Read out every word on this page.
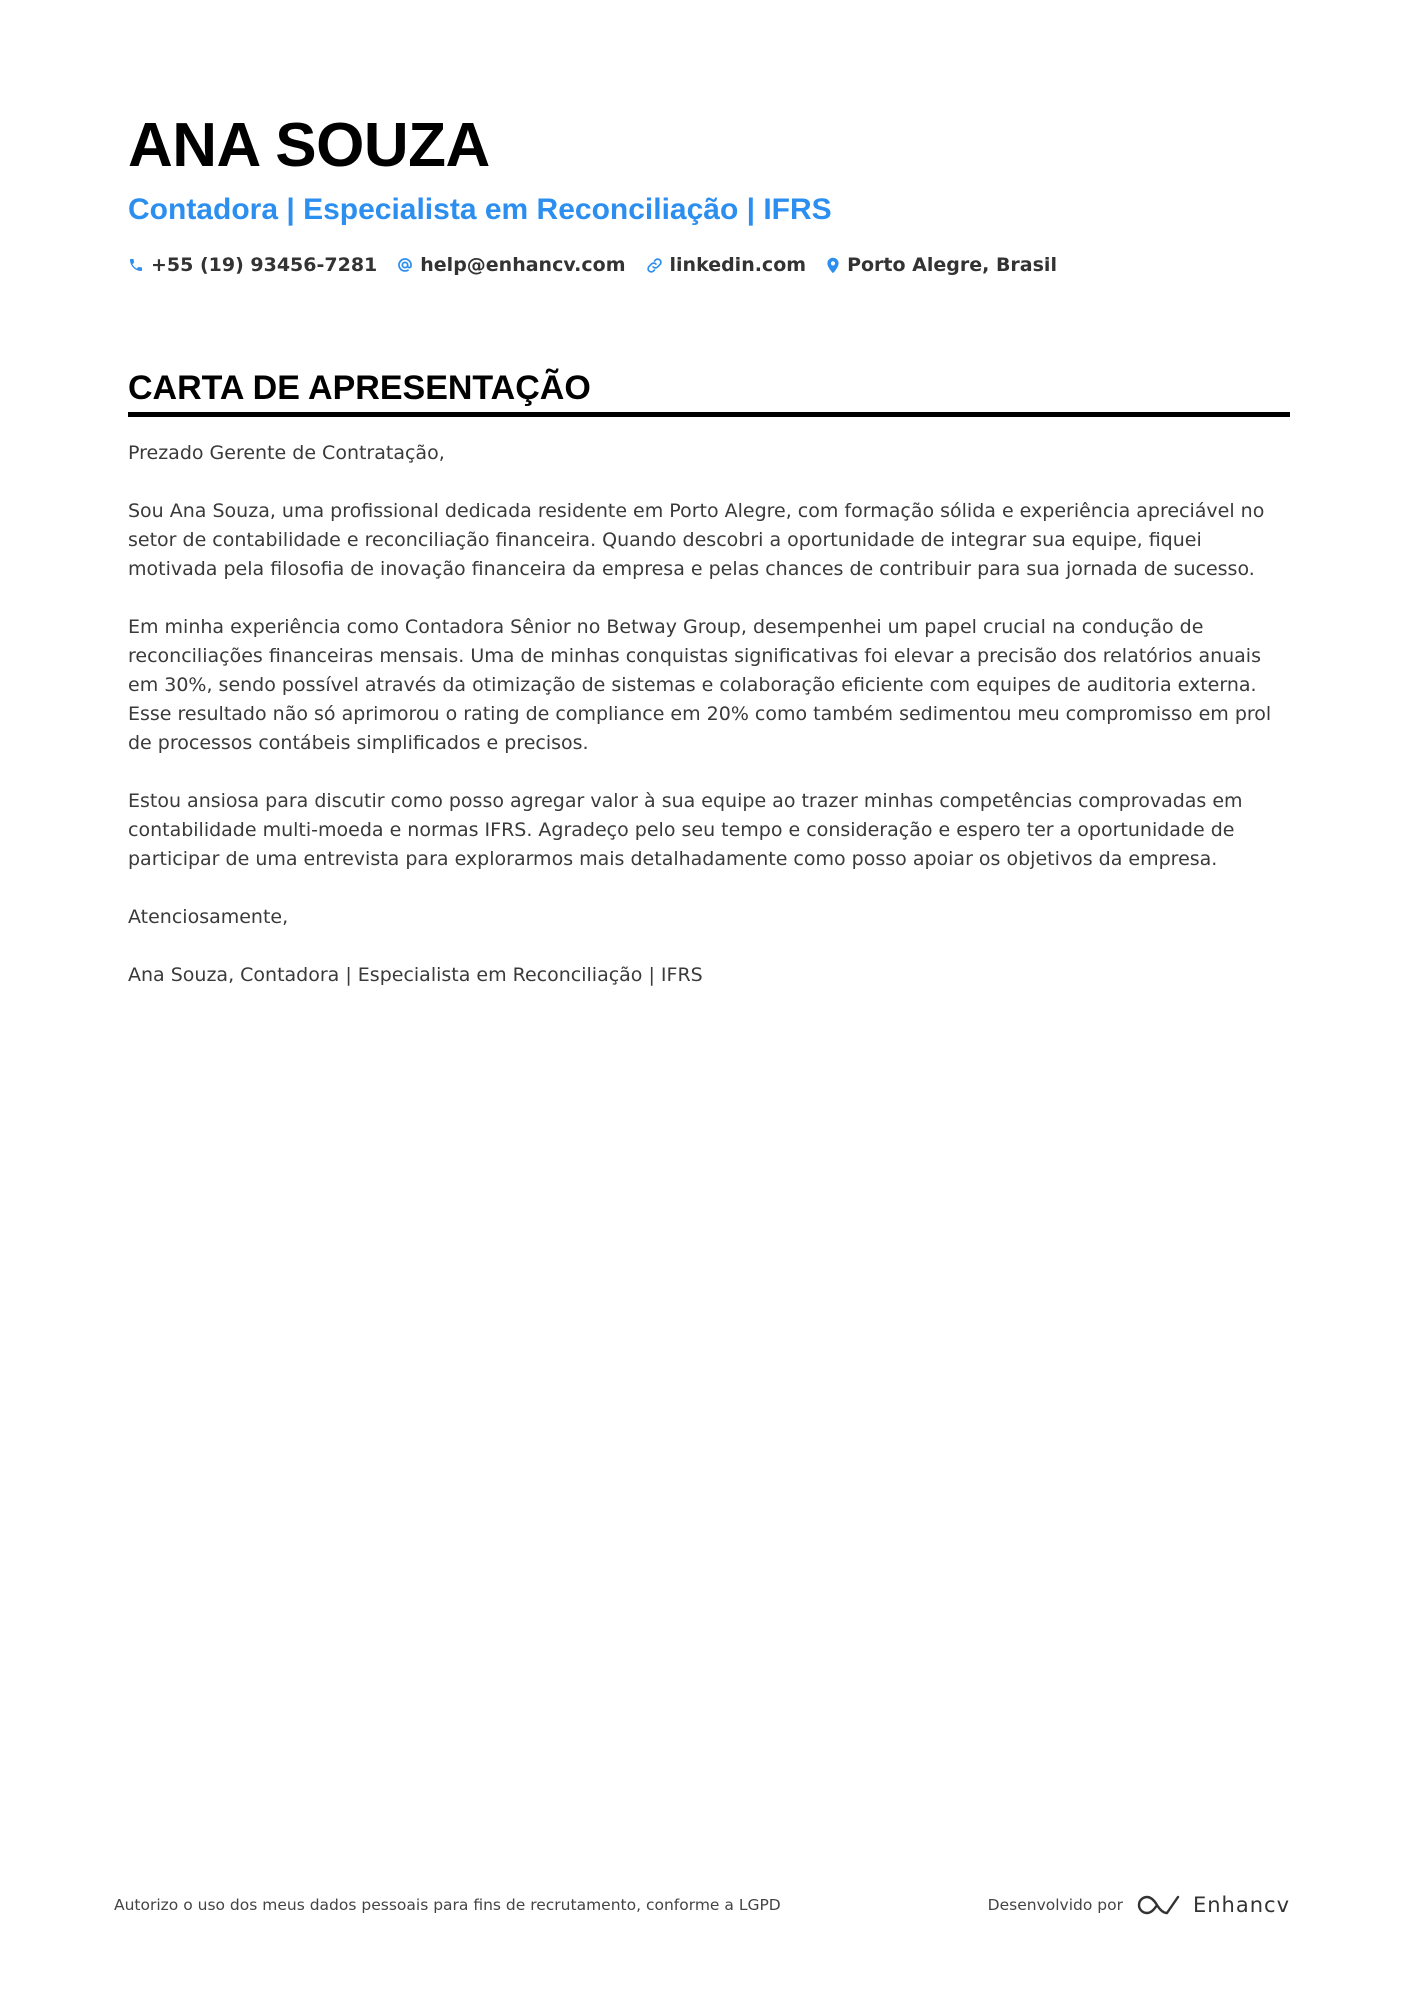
ANA SOUZA
Contadora | Especialista em Reconciliação | IFRS
+55 (19) 93456-7281 help@enhancv.com linkedin.com Porto Alegre, Brasil
CARTA DE APRESENTAÇÃO

Prezado Gerente de Contratação,

Sou Ana Souza, uma profissional dedicada residente em Porto Alegre, com formação sólida e experiência apreciável no setor de contabilidade e reconciliação financeira. Quando descobri a oportunidade de integrar sua equipe, fiquei motivada pela filosofia de inovação financeira da empresa e pelas chances de contribuir para sua jornada de sucesso.

Em minha experiência como Contadora Sênior no Betway Group, desempenhei um papel crucial na condução de reconciliações financeiras mensais. Uma de minhas conquistas significativas foi elevar a precisão dos relatórios anuais em 30%, sendo possível através da otimização de sistemas e colaboração eficiente com equipes de auditoria externa. Esse resultado não só aprimorou o rating de compliance em 20% como também sedimentou meu compromisso em prol de processos contábeis simplificados e precisos.

Estou ansiosa para discutir como posso agregar valor à sua equipe ao trazer minhas competências comprovadas em contabilidade multi-moeda e normas IFRS. Agradeço pelo seu tempo e consideração e espero ter a oportunidade de participar de uma entrevista para explorarmos mais detalhadamente como posso apoiar os objetivos da empresa.

Atenciosamente,

Ana Souza, Contadora | Especialista em Reconciliação | IFRS

Autorizo o uso dos meus dados pessoais para fins de recrutamento, conforme a LGPD	Desenvolvido por	Enhancv
